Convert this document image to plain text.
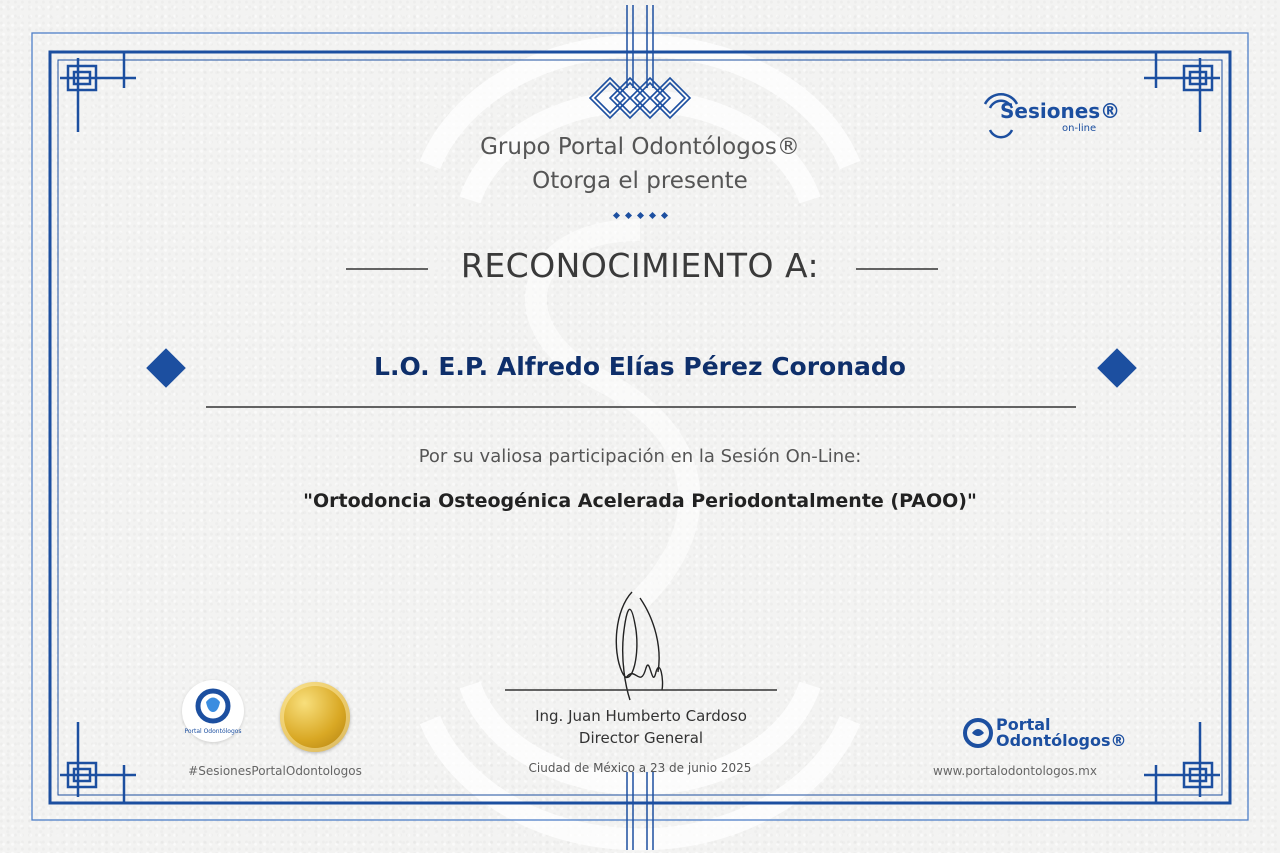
Grupo Portal Odontólogos®
Otorga el presente
RECONOCIMIENTO A:
L.O. E.P. Alfredo Elías Pérez Coronado
Por su valiosa participación en la Sesión On-Line:
"Ortodoncia Osteogénica Acelerada Periodontalmente (PAOO)"
Ing. Juan Humberto Cardoso
Director General
Ciudad de México a 23 de junio 2025
Sesiones®
on-line
Portal Odontólogos
#SesionesPortalOdontologos
Portal
Odontólogos®
www.portalodontologos.mx
